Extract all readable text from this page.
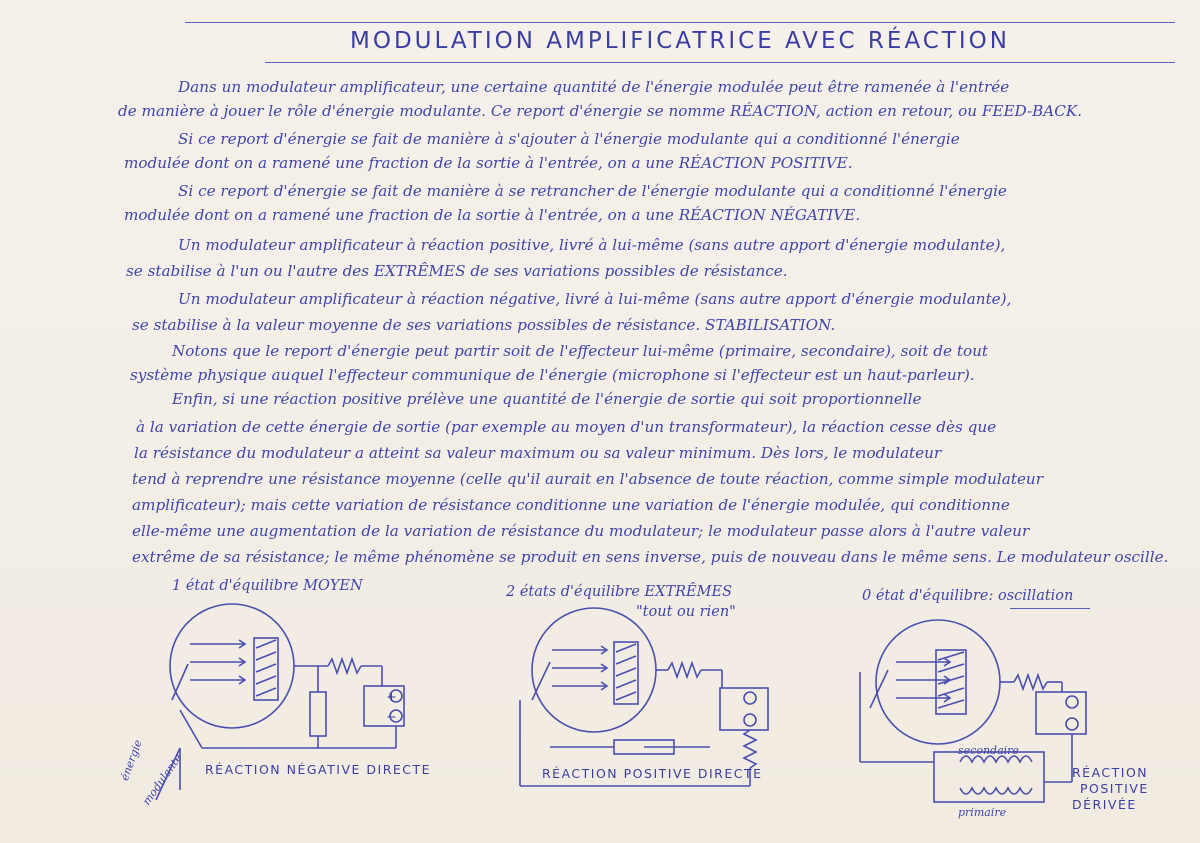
MODULATION AMPLIFICATRICE AVEC RÉACTION
Dans un modulateur amplificateur, une certaine quantité de l'énergie modulée peut être ramenée à l'entrée
de manière à jouer le rôle d'énergie modulante. Ce report d'énergie se nomme RÉACTION, action en retour, ou FEED-BACK.
Si ce report d'énergie se fait de manière à s'ajouter à l'énergie modulante qui a conditionné l'énergie
modulée dont on a ramené une fraction de la sortie à l'entrée, on a une RÉACTION POSITIVE.
Si ce report d'énergie se fait de manière à se retrancher de l'énergie modulante qui a conditionné l'énergie
modulée dont on a ramené une fraction de la sortie à l'entrée, on a une RÉACTION NÉGATIVE.
Un modulateur amplificateur à réaction positive, livré à lui-même (sans autre apport d'énergie modulante),
se stabilise à l'un ou l'autre des EXTRÊMES de ses variations possibles de résistance.
Un modulateur amplificateur à réaction négative, livré à lui-même (sans autre apport d'énergie modulante),
se stabilise à la valeur moyenne de ses variations possibles de résistance. STABILISATION.
Notons que le report d'énergie peut partir soit de l'effecteur lui-même (primaire, secondaire), soit de tout
système physique auquel l'effecteur communique de l'énergie (microphone si l'effecteur est un haut-parleur).
Enfin, si une réaction positive prélève une quantité de l'énergie de sortie qui soit proportionnelle
à la variation de cette énergie de sortie (par exemple au moyen d'un transformateur), la réaction cesse dès que
la résistance du modulateur a atteint sa valeur maximum ou sa valeur minimum. Dès lors, le modulateur
tend à reprendre une résistance moyenne (celle qu'il aurait en l'absence de toute réaction, comme simple modulateur
amplificateur); mais cette variation de résistance conditionne une variation de l'énergie modulée, qui conditionne
elle-même une augmentation de la variation de résistance du modulateur; le modulateur passe alors à l'autre valeur
extrême de sa résistance; le même phénomène se produit en sens inverse, puis de nouveau dans le même sens. Le modulateur oscille.
1 état d'équilibre MOYEN
RÉACTION NÉGATIVE DIRECTE
énergie
modulante
+
−
2 états d'équilibre EXTRÊMES
"tout ou rien"
RÉACTION POSITIVE DIRECTE
0 état d'équilibre: oscillation
secondaire
primaire
RÉACTION
POSITIVE
DÉRIVÉE
